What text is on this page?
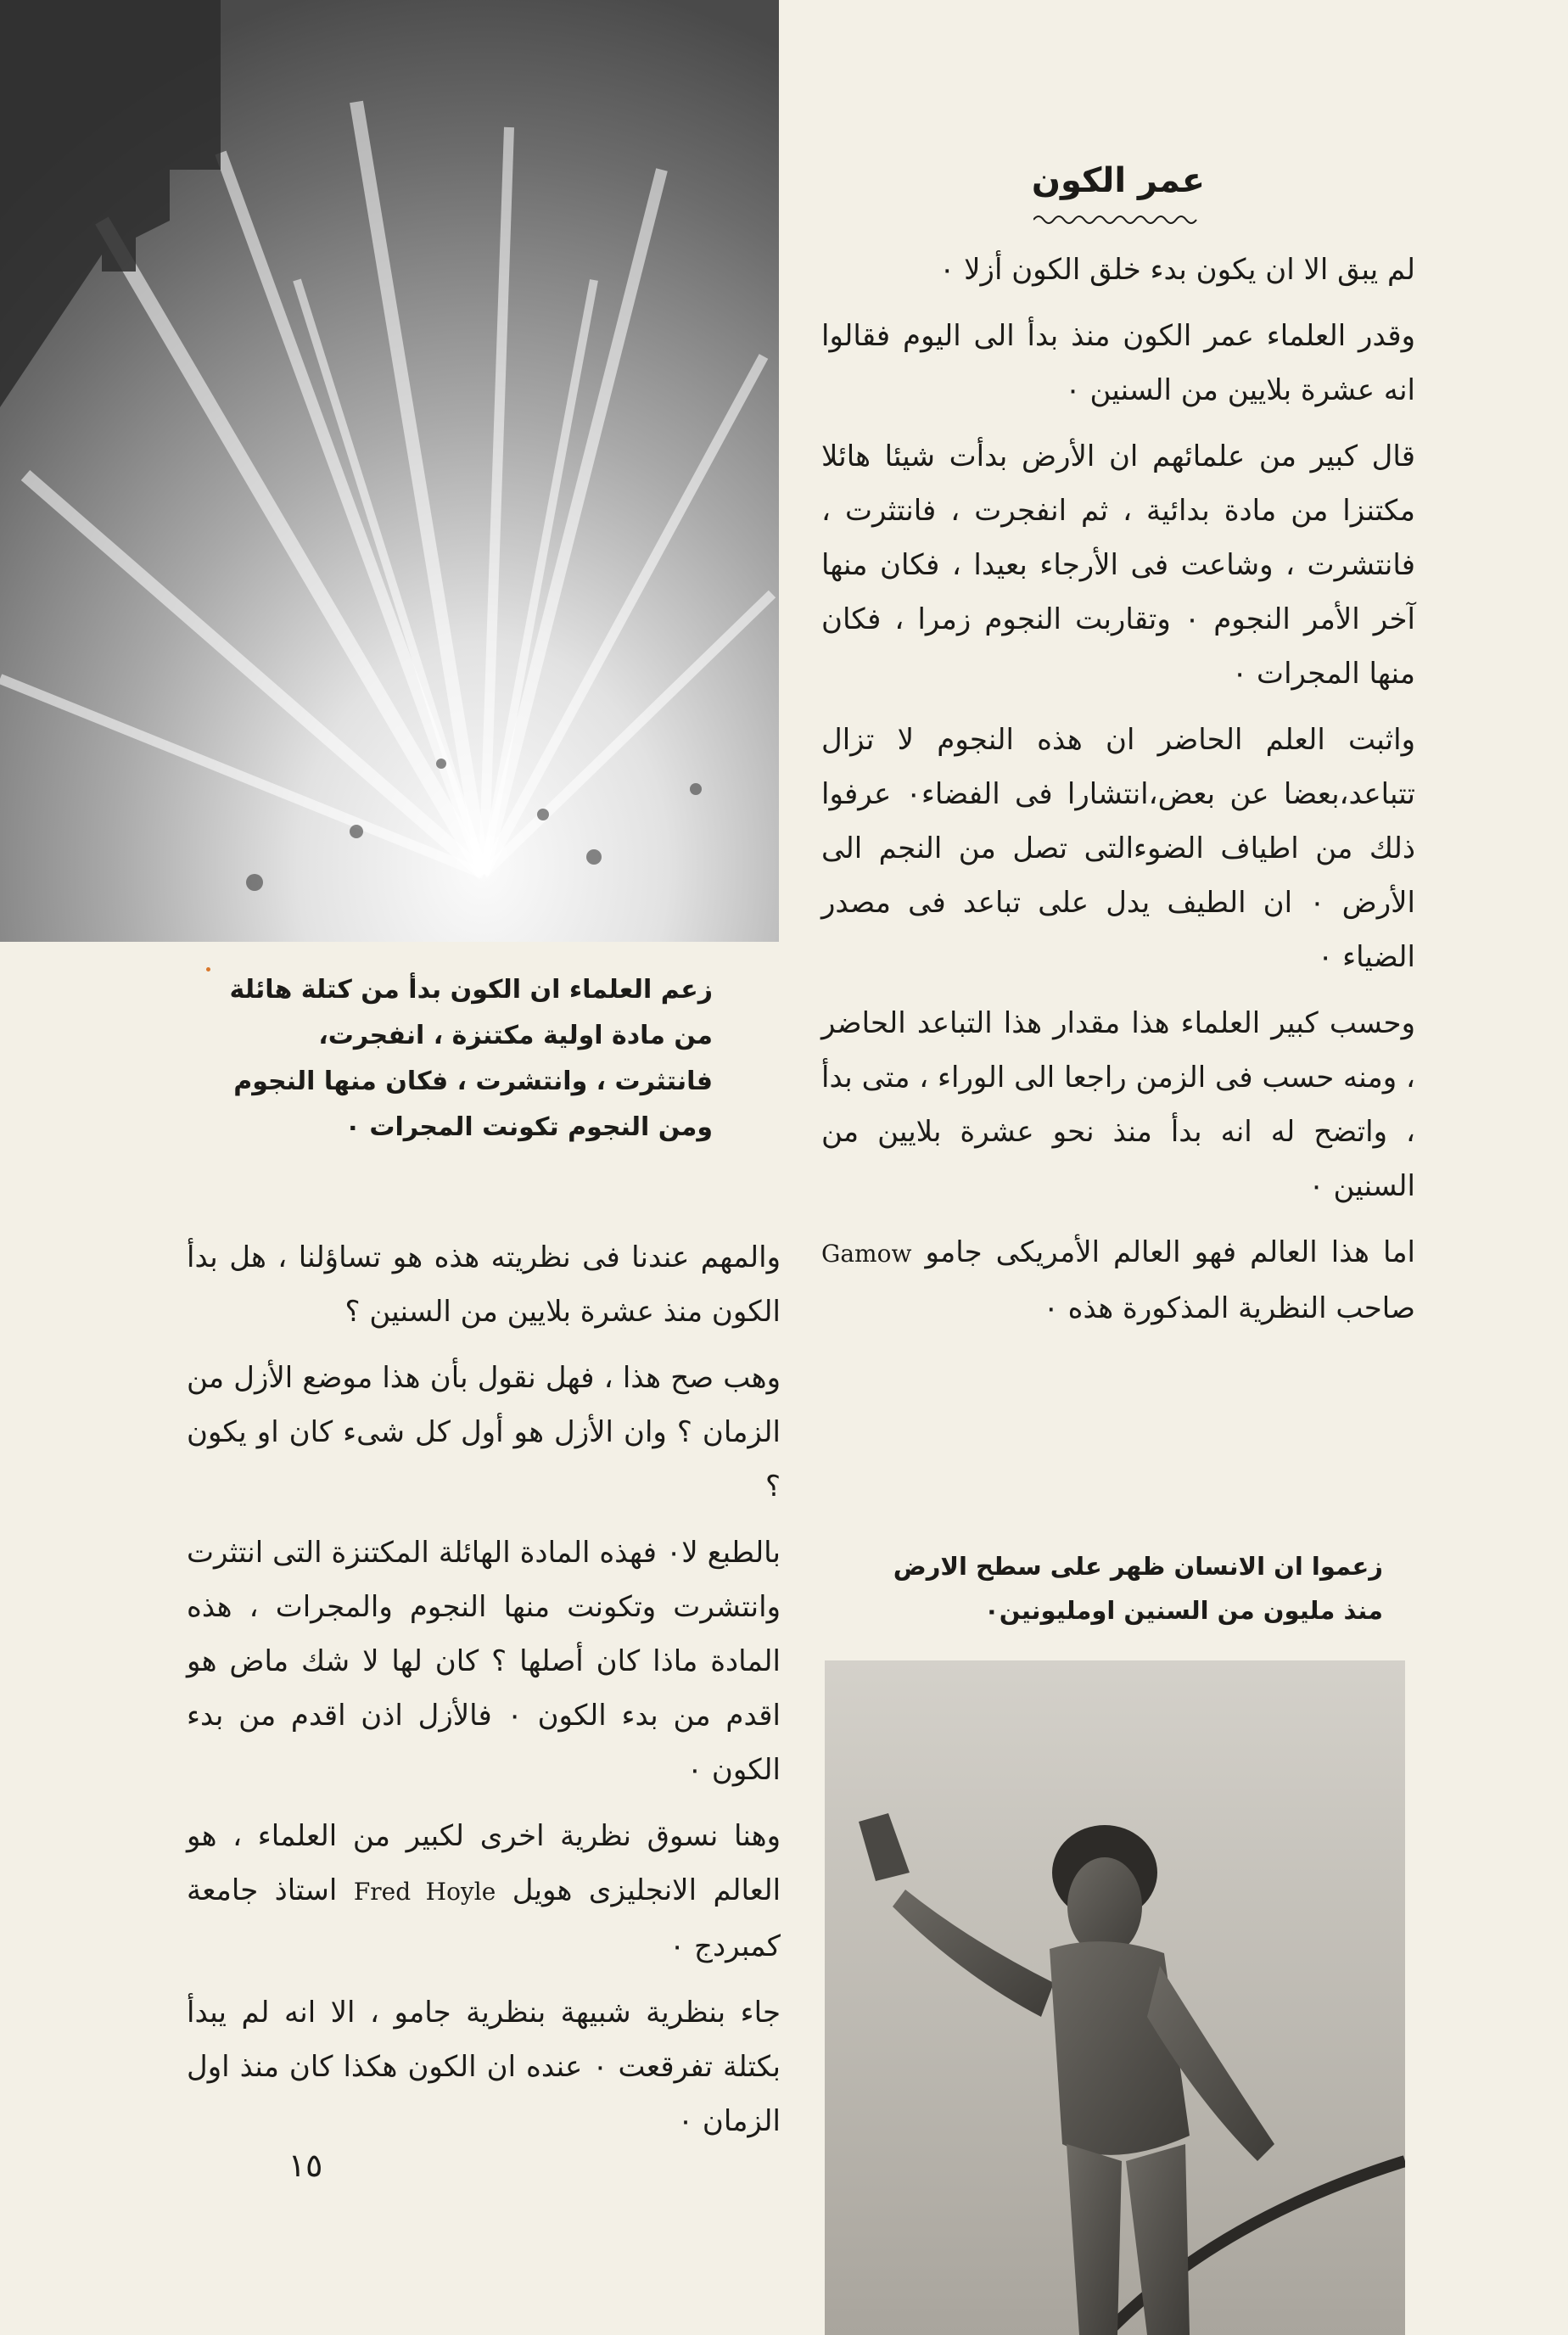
زعم العلماء ان الكون بدأ من كتلة هائلة من مادة اولية مكتنزة ، انفجرت، فانتثرت ، وانتشرت ، فكان منها النجوم ومن النجوم تكونت المجرات ٠
عمر الكون

لم يبق الا ان يكون بدء خلق الكون أزلا ٠

وقدر العلماء عمر الكون منذ بدأ الى اليوم فقالوا انه عشرة بلايين من السنين ٠

قال كبير من علمائهم ان الأرض بدأت شيئا هائلا مكتنزا من مادة بدائية ، ثم انفجرت ، فانتثرت ، فانتشرت ، وشاعت فى الأرجاء بعيدا ، فكان منها آخر الأمر النجوم ٠ وتقاربت النجوم زمرا ، فكان منها المجرات ٠

واثبت العلم الحاضر ان هذه النجوم لا تزال تتباعد،بعضا عن بعض،انتشارا فى الفضاء٠ عرفوا ذلك من اطياف الضوءالتى تصل من النجم الى الأرض ٠ ان الطيف يدل على تباعد فى مصدر الضياء ٠

وحسب كبير العلماء هذا مقدار هذا التباعد الحاضر ، ومنه حسب فى الزمن راجعا الى الوراء ، متى بدأ ، واتضح له انه بدأ منذ نحو عشرة بلايين من السنين ٠

اما هذا العالم فهو العالم الأمريكى جامو Gamow صاحب النظرية المذكورة هذه ٠

والمهم عندنا فى نظريته هذه هو تساؤلنا ، هل بدأ الكون منذ عشرة بلايين من السنين ؟

وهب صح هذا ، فهل نقول بأن هذا موضع الأزل من الزمان ؟ وان الأزل هو أول كل شىء كان او يكون ؟

بالطبع لا٠ فهذه المادة الهائلة المكتنزة التى انتثرت وانتشرت وتكونت منها النجوم والمجرات ، هذه المادة ماذا كان أصلها ؟ كان لها لا شك ماض هو اقدم من بدء الكون ٠ فالأزل اذن اقدم من بدء الكون ٠

وهنا نسوق نظرية اخرى لكبير من العلماء ، هو العالم الانجليزى هويل Fred Hoyle استاذ جامعة كمبردج ٠

جاء بنظرية شبيهة بنظرية جامو ، الا انه لم يبدأ بكتلة تفرقعت ٠ عنده ان الكون هكذا كان منذ اول الزمان ٠

١٥
زعموا ان الانسان ظهر على سطح الارض منذ مليون من السنين اومليونين٠
